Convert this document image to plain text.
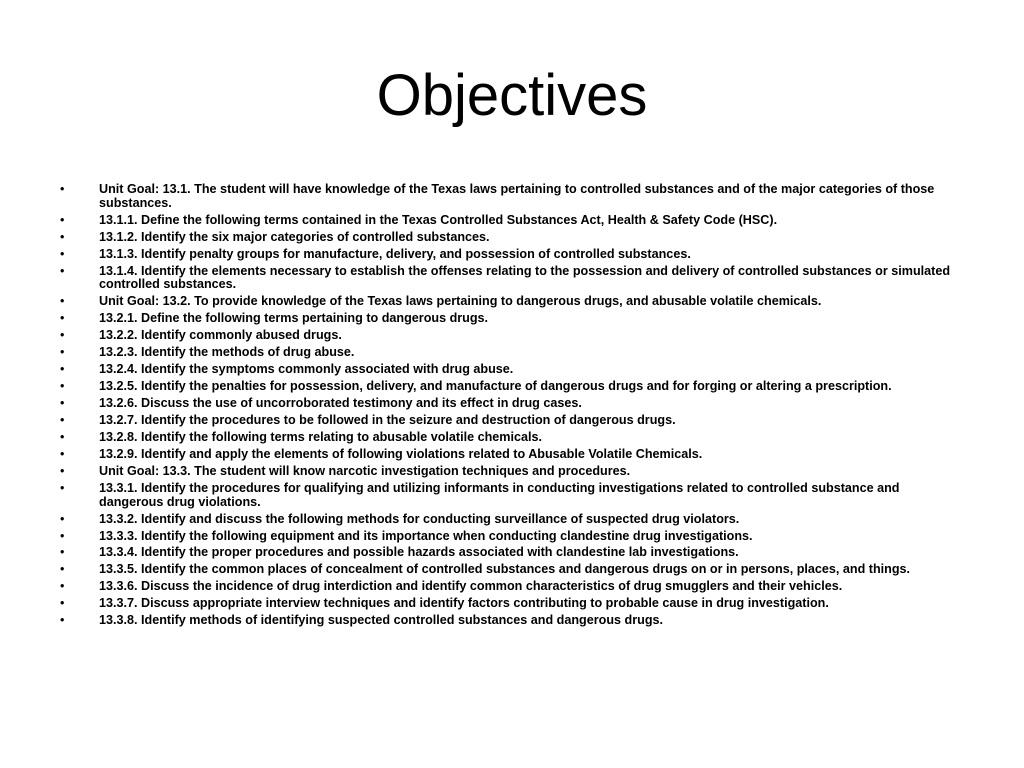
Objectives
•	Unit Goal: 13.1. The student will have knowledge of the Texas laws pertaining to controlled substances and of the major categories of those substances.
•	13.1.1. Define the following terms contained in the Texas Controlled Substances Act, Health & Safety Code (HSC).
•	13.1.2. Identify the six major categories of controlled substances.
•	13.1.3. Identify penalty groups for manufacture, delivery, and possession of controlled substances.
•	13.1.4. Identify the elements necessary to establish the offenses relating to the possession and delivery of controlled substances or simulated controlled substances.
•	Unit Goal: 13.2. To provide knowledge of the Texas laws pertaining to dangerous drugs, and abusable volatile chemicals.
•	13.2.1. Define the following terms pertaining to dangerous drugs.
•	13.2.2. Identify commonly abused drugs.
•	13.2.3. Identify the methods of drug abuse.
•	13.2.4. Identify the symptoms commonly associated with drug abuse.
•	13.2.5. Identify the penalties for possession, delivery, and manufacture of dangerous drugs and for forging or altering a prescription.
•	13.2.6. Discuss the use of uncorroborated testimony and its effect in drug cases.
•	13.2.7. Identify the procedures to be followed in the seizure and destruction of dangerous drugs.
•	13.2.8. Identify the following terms relating to abusable volatile chemicals.
•	13.2.9. Identify and apply the elements of following violations related to Abusable Volatile Chemicals.
•	Unit Goal: 13.3. The student will know narcotic investigation techniques and procedures.
•	13.3.1. Identify the procedures for qualifying and utilizing informants in conducting investigations related to controlled substance and dangerous drug violations.
•	13.3.2. Identify and discuss the following methods for conducting surveillance of suspected drug violators.
•	13.3.3. Identify the following equipment and its importance when conducting clandestine drug investigations.
•	13.3.4. Identify the proper procedures and possible hazards associated with clandestine lab investigations.
•	13.3.5. Identify the common places of concealment of controlled substances and dangerous drugs on or in persons, places, and things.
•	13.3.6. Discuss the incidence of drug interdiction and identify common characteristics of drug smugglers and their vehicles.
•	13.3.7. Discuss appropriate interview techniques and identify factors contributing to probable cause in drug investigation.
•	13.3.8. Identify methods of identifying suspected controlled substances and dangerous drugs.
